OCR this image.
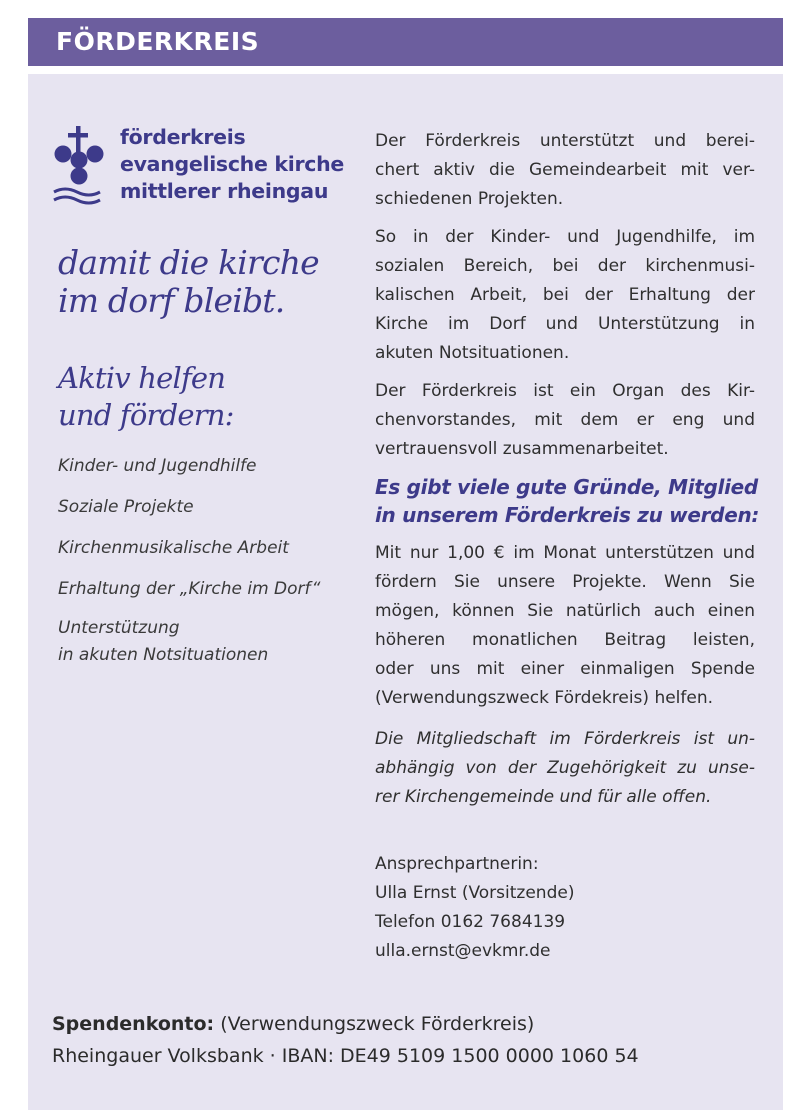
FÖRDERKREIS
förderkreis
evangelische kirche
mittlerer rheingau
damit die kirche
im dorf bleibt.
Aktiv helfen
und fördern:
Kinder- und Jugendhilfe
Soziale Projekte
Kirchenmusikalische Arbeit
Erhaltung der „Kirche im Dorf“
Unterstützung
in akuten Notsituationen

Der Förderkreis unterstützt und berei-
chert aktiv die Gemeindearbeit mit ver-
schiedenen Projekten.

So in der Kinder- und Jugendhilfe, im
sozialen Bereich, bei der kirchenmusi-
kalischen Arbeit, bei der Erhaltung der
Kirche im Dorf und Unterstützung in
akuten Notsituationen.

Der Förderkreis ist ein Organ des Kir-
chenvorstandes, mit dem er eng und
vertrauensvoll zusammenarbeitet.

Es gibt viele gute Gründe, Mitglied
in unserem Förderkreis zu werden:

Mit nur 1,00 € im Monat unterstützen und
fördern Sie unsere Projekte. Wenn Sie
mögen, können Sie natürlich auch einen
höheren monatlichen Beitrag leisten,
oder uns mit einer einmaligen Spende
(Verwendungszweck Fördekreis) helfen.

Die Mitgliedschaft im Förderkreis ist un-
abhängig von der Zugehörigkeit zu unse-
rer Kirchengemeinde und für alle offen.

Ansprechpartnerin:
Ulla Ernst (Vorsitzende)
Telefon 0162 7684139
ulla.ernst@evkmr.de
Spendenkonto: (Verwendungszweck Förderkreis)
Rheingauer Volksbank · IBAN: DE49 5109 1500 0000 1060 54
